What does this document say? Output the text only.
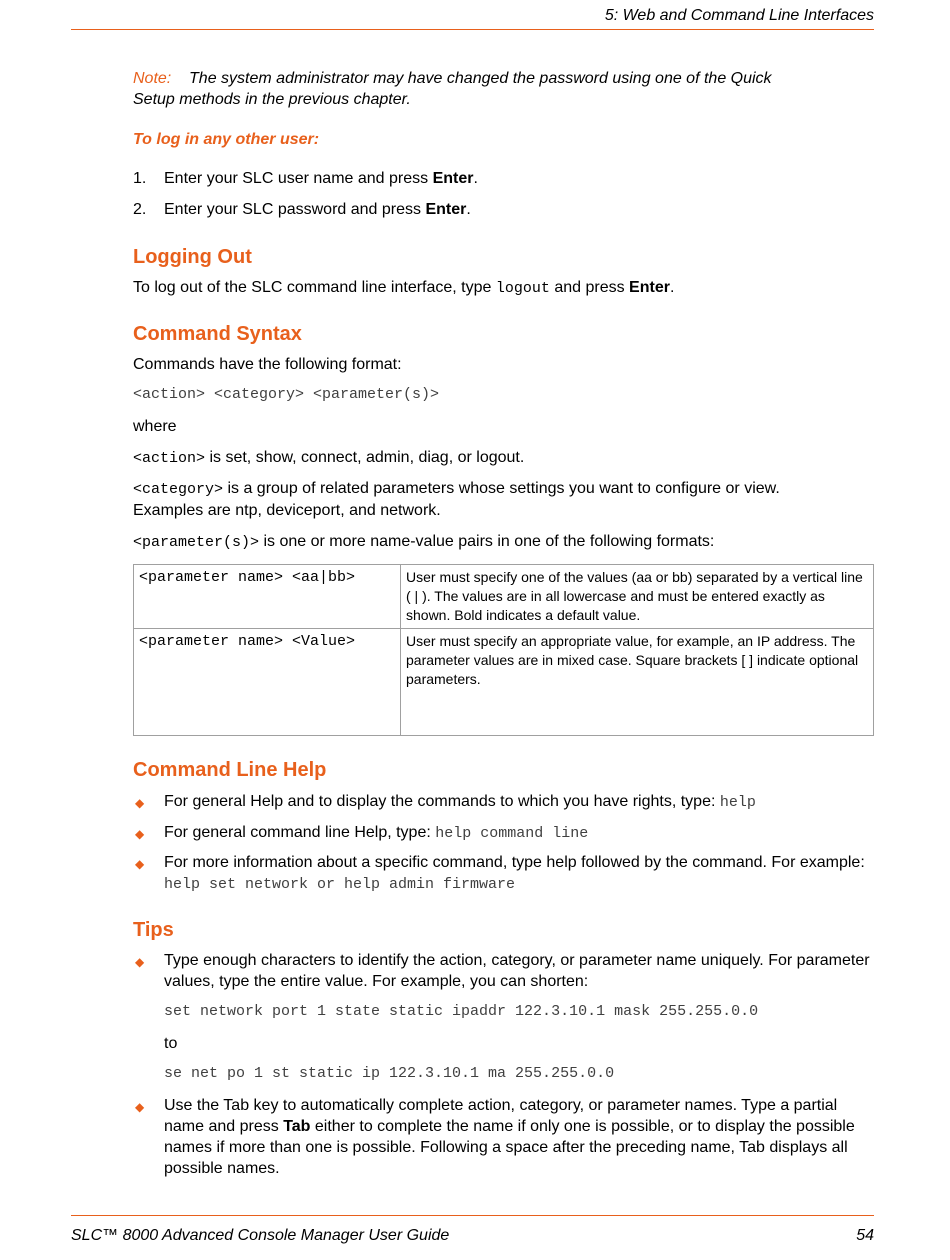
5: Web and Command Line Interfaces
Note: The system administrator may have changed the password using one of the Quick Setup methods in the previous chapter.
To log in any other user:
1. Enter your SLC user name and press Enter.
2. Enter your SLC password and press Enter.
Logging Out
To log out of the SLC command line interface, type logout and press Enter.
Command Syntax
Commands have the following format:
<action> <category> <parameter(s)>
where
<action> is set, show, connect, admin, diag, or logout.
<category> is a group of related parameters whose settings you want to configure or view. Examples are ntp, deviceport, and network.
<parameter(s)> is one or more name-value pairs in one of the following formats:
<parameter name> <aa|bb>	User must specify one of the values (aa or bb) separated by a vertical line ( | ). The values are in all lowercase and must be entered exactly as shown. Bold indicates a default value.
<parameter name> <Value>	User must specify an appropriate value, for example, an IP address. The parameter values are in mixed case. Square brackets [ ] indicate optional parameters.
Command Line Help
◆ For general Help and to display the commands to which you have rights, type: help
◆ For general command line Help, type: help command line
◆ For more information about a specific command, type help followed by the command. For example: help set network or help admin firmware
Tips
◆ Type enough characters to identify the action, category, or parameter name uniquely. For parameter values, type the entire value. For example, you can shorten:
set network port 1 state static ipaddr 122.3.10.1 mask 255.255.0.0
to
se net po 1 st static ip 122.3.10.1 ma 255.255.0.0
◆ Use the Tab key to automatically complete action, category, or parameter names. Type a partial name and press Tab either to complete the name if only one is possible, or to display the possible names if more than one is possible. Following a space after the preceding name, Tab displays all possible names.
SLC™ 8000 Advanced Console Manager User Guide	54
